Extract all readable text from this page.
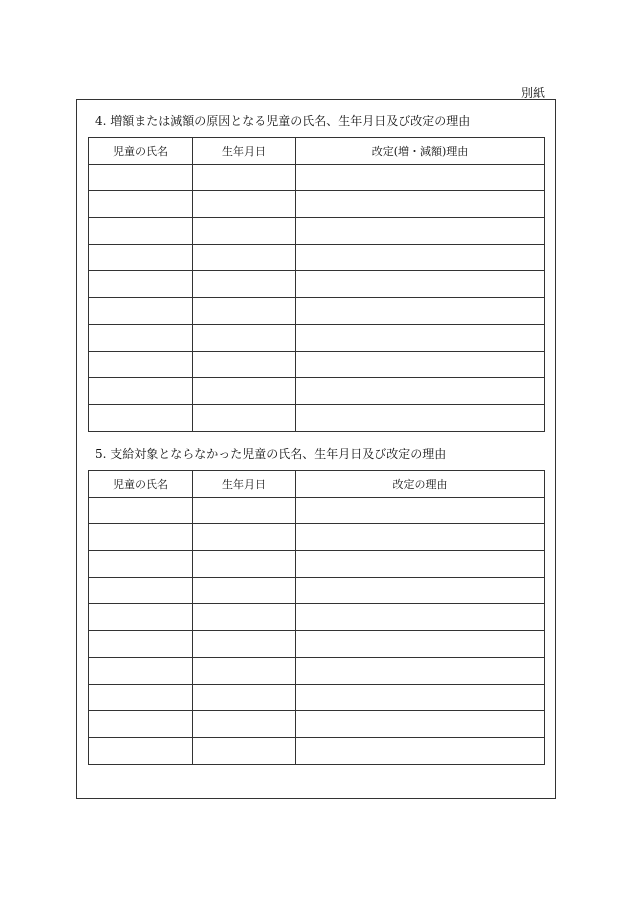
別紙
4. 増額または減額の原因となる児童の氏名、生年月日及び改定の理由
児童の氏名	生年月日	改定(増・減額)理由

5. 支給対象とならなかった児童の氏名、生年月日及び改定の理由
児童の氏名	生年月日	改定の理由
